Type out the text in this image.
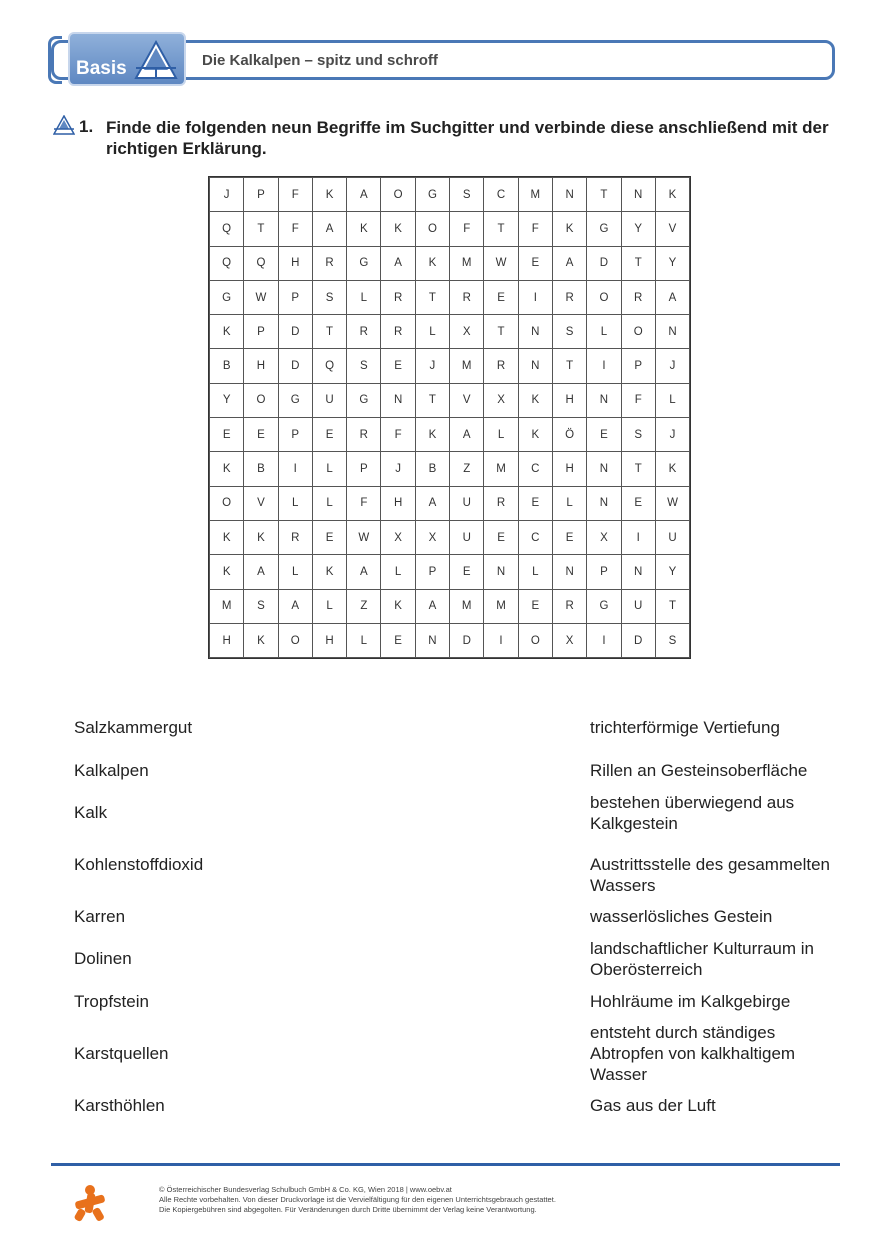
Basis	Die Kalkalpen – spitz und schroff
1. Finde die folgenden neun Begriffe im Suchgitter und verbinde diese anschließend mit der richtigen Erklärung.
J	P	F	K	A	O	G	S	C	M	N	T	N	K
Q	T	F	A	K	K	O	F	T	F	K	G	Y	V
Q	Q	H	R	G	A	K	M	W	E	A	D	T	Y
G	W	P	S	L	R	T	R	E	I	R	O	R	A
K	P	D	T	R	R	L	X	T	N	S	L	O	N
B	H	D	Q	S	E	J	M	R	N	T	I	P	J
Y	O	G	U	G	N	T	V	X	K	H	N	F	L
E	E	P	E	R	F	K	A	L	K	Ö	E	S	J
K	B	I	L	P	J	B	Z	M	C	H	N	T	K
O	V	L	L	F	H	A	U	R	E	L	N	E	W
K	K	R	E	W	X	X	U	E	C	E	X	I	U
K	A	L	K	A	L	P	E	N	L	N	P	N	Y
M	S	A	L	Z	K	A	M	M	E	R	G	U	T
H	K	O	H	L	E	N	D	I	O	X	I	D	S
Salzkammergut
Kalkalpen
Kalk
Kohlenstoffdioxid
Karren
Dolinen
Tropfstein
Karstquellen
Karsthöhlen
trichterförmige Vertiefung
Rillen an Gesteinsoberfläche
bestehen überwiegend aus Kalkgestein
Austrittsstelle des gesammelten Wassers
wasserlösliches Gestein
landschaftlicher Kulturraum in Oberösterreich
Hohlräume im Kalkgebirge
entsteht durch ständiges Abtropfen von kalkhaltigem Wasser
Gas aus der Luft
© Österreichischer Bundesverlag Schulbuch GmbH & Co. KG, Wien 2018 | www.oebv.at
Alle Rechte vorbehalten. Von dieser Druckvorlage ist die Vervielfältigung für den eigenen Unterrichtsgebrauch gestattet.
Die Kopiergebühren sind abgegolten. Für Veränderungen durch Dritte übernimmt der Verlag keine Verantwortung.
